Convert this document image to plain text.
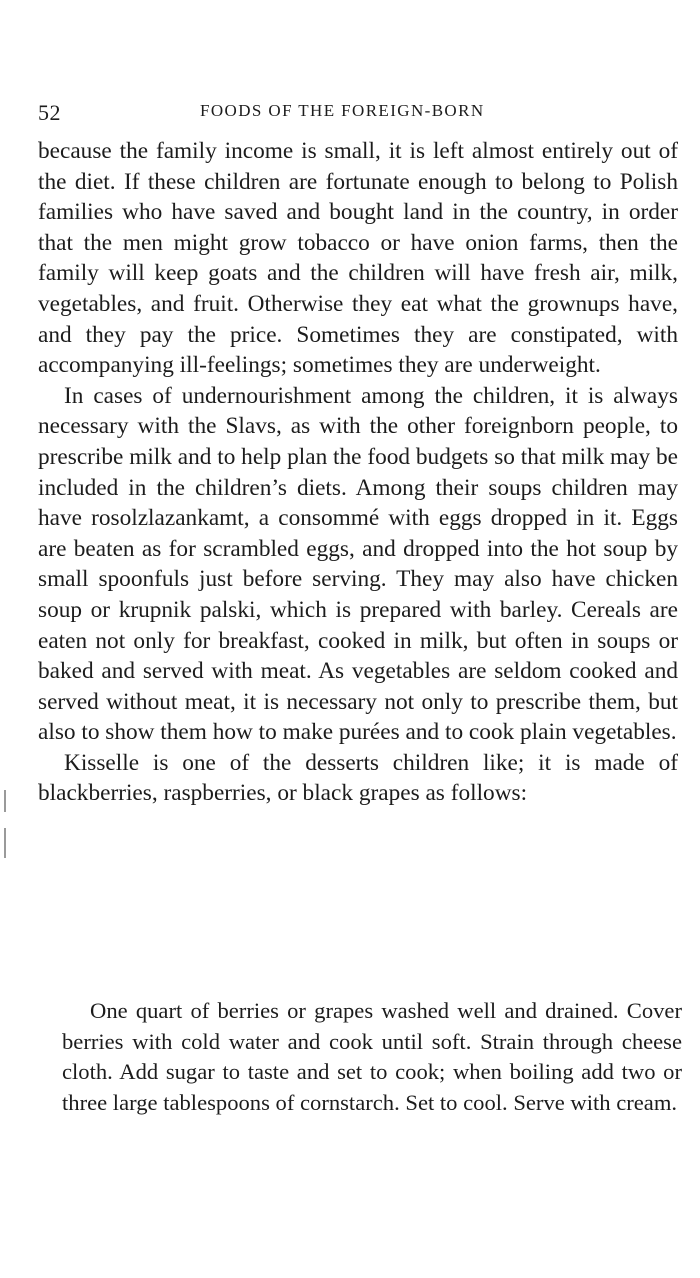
52	FOODS OF THE FOREIGN-BORN

because the family income is small, it is left almost entirely out of the diet. If these children are fortunate enough to belong to Polish families who have saved and bought land in the country, in order that the men might grow tobacco or have onion farms, then the family will keep goats and the children will have fresh air, milk, vegetables, and fruit. Otherwise they eat what the grownups have, and they pay the price. Sometimes they are constipated, with accompanying ill-feelings; sometimes they are underweight.

In cases of undernourishment among the children, it is always necessary with the Slavs, as with the other foreignborn people, to prescribe milk and to help plan the food budgets so that milk may be included in the children’s diets. Among their soups children may have rosolzlazankamt, a consommé with eggs dropped in it. Eggs are beaten as for scrambled eggs, and dropped into the hot soup by small spoonfuls just before serving. They may also have chicken soup or krupnik palski, which is prepared with barley. Cereals are eaten not only for breakfast, cooked in milk, but often in soups or baked and served with meat. As vegetables are seldom cooked and served without meat, it is necessary not only to prescribe them, but also to show them how to make purées and to cook plain vegetables.

Kisselle is one of the desserts children like; it is made of blackberries, raspberries, or black grapes as follows:

One quart of berries or grapes washed well and drained. Cover berries with cold water and cook until soft. Strain through cheese cloth. Add sugar to taste and set to cook; when boiling add two or three large tablespoons of cornstarch. Set to cool. Serve with cream.
